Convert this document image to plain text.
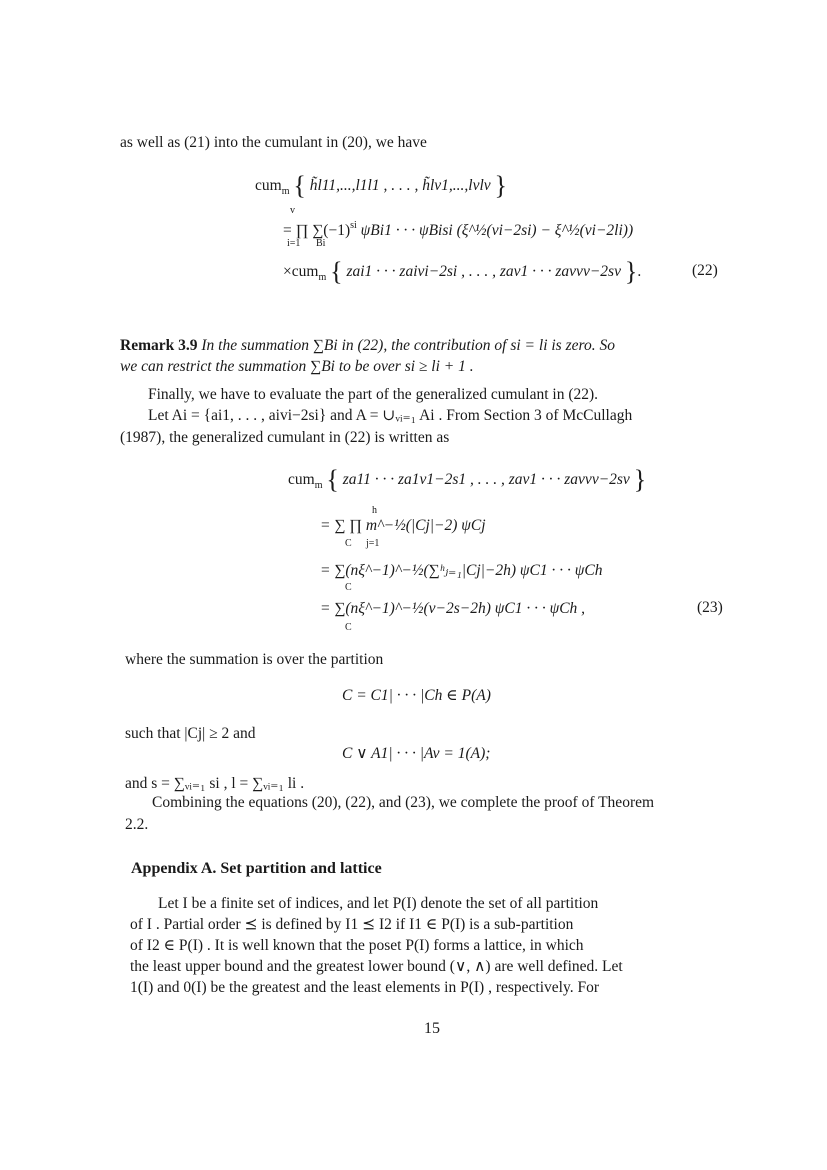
as well as (21) into the cumulant in (20), we have
cum$_m$ { h̃l11,...,l1l1 , . . . , h̃lv1,...,lvlv }
v
= ∏ $\sum(-1)^{si}$ ψBi1 · · · ψBisi (ξ^½(vi−2si) − ξ^½(vi−2li))
i=1 Bi
×cum$_m$ { zai1 · · · zaivi−2si , . . . , zav1 · · · zavvv−2sv }.	(22)
Remark 3.9 In the summation ∑Bi in (22), the contribution of si = li is zero. So
we can restrict the summation ∑Bi to be over si ≥ li + 1 .
Finally, we have to evaluate the part of the generalized cumulant in (22).
Let Ai = {ai1, . . . , aivi−2si} and A = ∪ᵥᵢ₌₁ Ai . From Section 3 of McCullagh
(1987), the generalized cumulant in (22) is written as
cum$_m$ { za11 · · · za1v1−2s1 , . . . , zav1 · · · zavvv−2sv }
h
= ∑ ∏ m^−½(|Cj|−2) ψCj
C j=1
= ∑(nξ^−1)^−½(∑ʰⱼ₌₁|Cj|−2h) ψC1 · · · ψCh
C
= ∑(nξ^−1)^−½(v−2s−2h) ψC1 · · · ψCh ,
C
(23)
where the summation is over the partition
C = C1| · · · |Ch ∈ P(A)
such that |Cj| ≥ 2 and
C ∨ A1| · · · |Av = 1(A);
and s = ∑ᵥᵢ₌₁ si , l = ∑ᵥᵢ₌₁ li .
Combining the equations (20), (22), and (23), we complete the proof of Theorem
2.2.
Appendix A. Set partition and lattice
Let I be a finite set of indices, and let P(I) denote the set of all partition
of I . Partial order ⪯ is defined by I1 ⪯ I2 if I1 ∈ P(I) is a sub-partition
of I2 ∈ P(I) . It is well known that the poset P(I) forms a lattice, in which
the least upper bound and the greatest lower bound (∨, ∧) are well defined. Let
1(I) and 0(I) be the greatest and the least elements in P(I) , respectively. For
15
